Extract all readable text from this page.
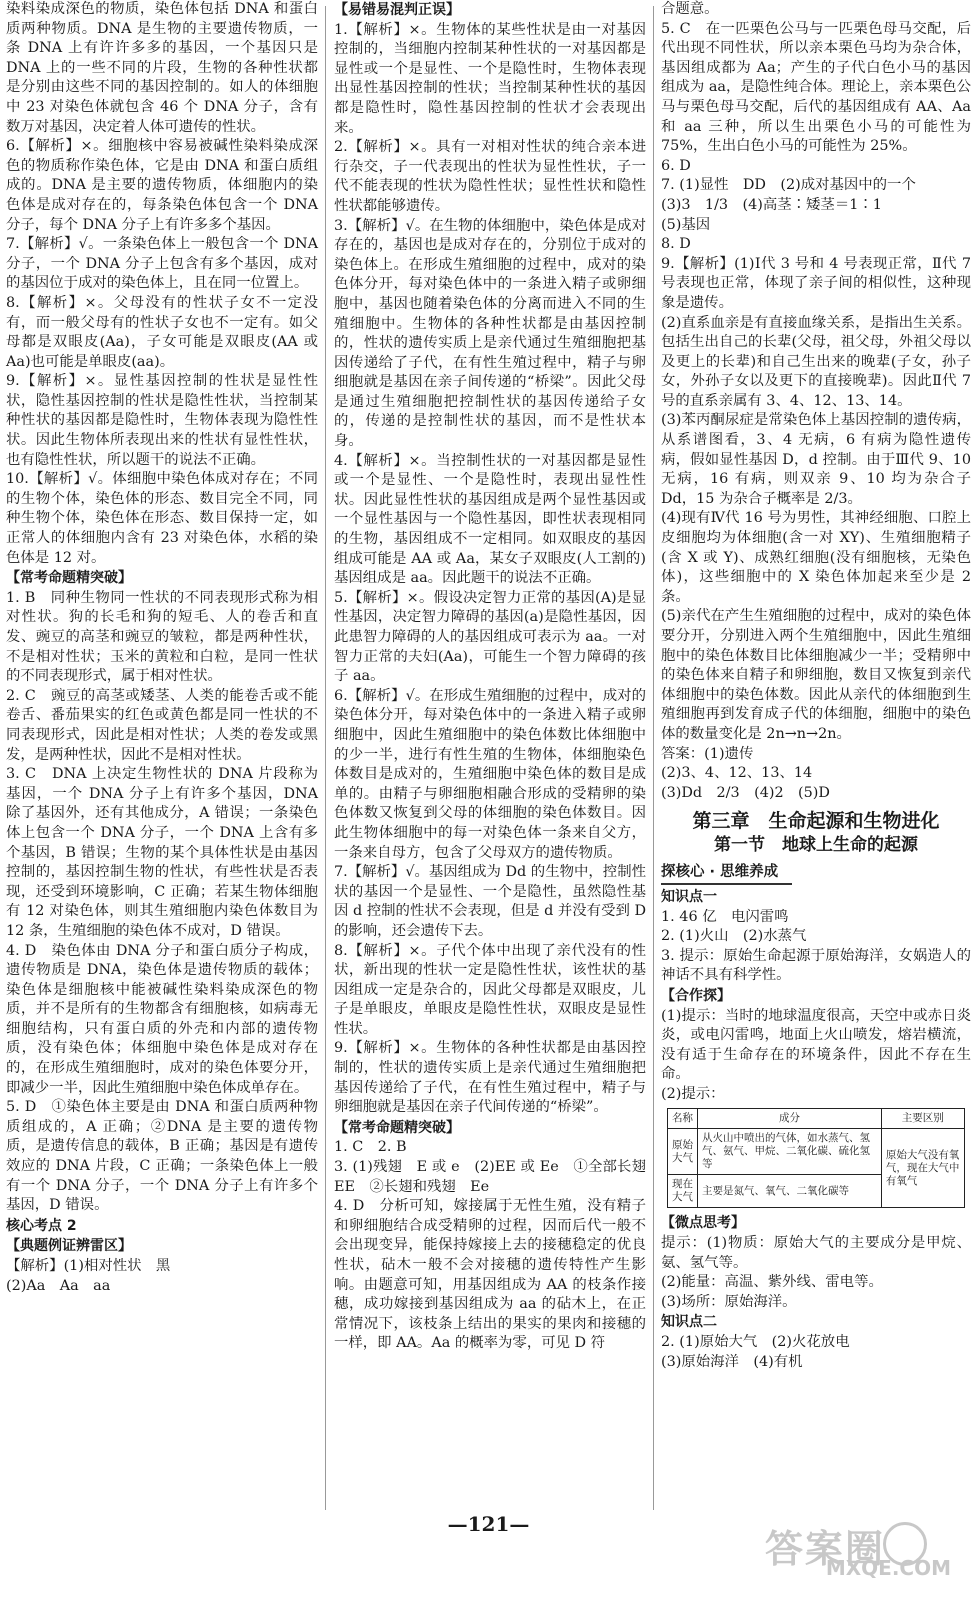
染料染成深色的物质，染色体包括 DNA 和蛋白质两种物质。DNA 是生物的主要遗传物质，一条 DNA 上有许许多多的基因，一个基因只是 DNA 上的一些不同的片段，生物的各种性状都是分别由这些不同的基因控制的。如人的体细胞中 23 对染色体就包含 46 个 DNA 分子，含有数万对基因，决定着人体可遗传的性状。

6.【解析】×。细胞核中容易被碱性染料染成深色的物质称作染色体，它是由 DNA 和蛋白质组成的。DNA 是主要的遗传物质，体细胞内的染色体是成对存在的，每条染色体包含一个 DNA 分子，每个 DNA 分子上有许多多个基因。

7.【解析】√。一条染色体上一般包含一个 DNA 分子，一个 DNA 分子上包含有多个基因，成对的基因位于成对的染色体上，且在同一位置上。

8.【解析】×。父母没有的性状子女不一定没有，而一般父母有的性状子女也不一定有。如父母都是双眼皮(Aa)，子女可能是双眼皮(AA 或 Aa)也可能是单眼皮(aa)。

9.【解析】×。显性基因控制的性状是显性性状，隐性基因控制的性状是隐性性状，当控制某种性状的基因都是隐性时，生物体表现为隐性性状。因此生物体所表现出来的性状有显性性状，也有隐性性状，所以题干的说法不正确。

10.【解析】√。体细胞中染色体成对存在；不同的生物个体，染色体的形态、数目完全不同，同种生物个体，染色体在形态、数目保持一定，如正常人的体细胞内含有 23 对染色体，水稻的染色体是 12 对。

【常考命题精突破】

1. B　同种生物同一性状的不同表现形式称为相对性状。狗的长毛和狗的短毛、人的卷舌和直发、豌豆的高茎和豌豆的皱粒，都是两种性状，不是相对性状；玉米的黄粒和白粒，是同一性状的不同表现形式，属于相对性状。

2. C　豌豆的高茎或矮茎、人类的能卷舌或不能卷舌、番茄果实的红色或黄色都是同一性状的不同表现形式，因此是相对性状；人类的卷发或黑发，是两种性状，因此不是相对性状。

3. C　DNA 上决定生物性状的 DNA 片段称为基因，一个 DNA 分子上有许多个基因，DNA 除了基因外，还有其他成分，A 错误；一条染色体上包含一个 DNA 分子，一个 DNA 上含有多个基因，B 错误；生物的某个具体性状是由基因控制的，基因控制生物的性状，有些性状是否表现，还受到环境影响，C 正确；若某生物体细胞有 12 对染色体，则其生殖细胞内染色体数目为 12 条，生殖细胞的染色体不成对，D 错误。

4. D　染色体由 DNA 分子和蛋白质分子构成，遗传物质是 DNA，染色体是遗传物质的载体；染色体是细胞核中能被碱性染料染成深色的物质，并不是所有的生物都含有细胞核，如病毒无细胞结构，只有蛋白质的外壳和内部的遗传物质，没有染色体；体细胞中染色体是成对存在的，在形成生殖细胞时，成对的染色体要分开，即减少一半，因此生殖细胞中染色体成单存在。

5. D　①染色体主要是由 DNA 和蛋白质两种物质组成的，A 正确；②DNA 是主要的遗传物质，是遗传信息的载体，B 正确；基因是有遗传效应的 DNA 片段，C 正确；一条染色体上一般有一个 DNA 分子，一个 DNA 分子上有许多个基因，D 错误。

核心考点 2

【典题例证辨雷区】

【解析】(1)相对性状　黑

(2)Aa　Aa　aa

【易错易混判正误】

1.【解析】×。生物体的某些性状是由一对基因控制的，当细胞内控制某种性状的一对基因都是显性或一个是显性、一个是隐性时，生物体表现出显性基因控制的性状；当控制某种性状的基因都是隐性时，隐性基因控制的性状才会表现出来。

2.【解析】×。具有一对相对性状的纯合亲本进行杂交，子一代表现出的性状为显性性状，子一代不能表现的性状为隐性性状；显性性状和隐性性状都能够遗传。

3.【解析】√。在生物的体细胞中，染色体是成对存在的，基因也是成对存在的，分别位于成对的染色体上。在形成生殖细胞的过程中，成对的染色体分开，每对染色体中的一条进入精子或卵细胞中，基因也随着染色体的分离而进入不同的生殖细胞中。生物体的各种性状都是由基因控制的，性状的遗传实质上是亲代通过生殖细胞把基因传递给了子代，在有性生殖过程中，精子与卵细胞就是基因在亲子间传递的“桥梁”。因此父母是通过生殖细胞把控制性状的基因传递给子女的，传递的是控制性状的基因，而不是性状本身。

4.【解析】×。当控制性状的一对基因都是显性或一个是显性、一个是隐性时，表现出显性性状。因此显性性状的基因组成是两个显性基因或一个显性基因与一个隐性基因，即性状表现相同的生物，基因组成不一定相同。如双眼皮的基因组成可能是 AA 或 Aa，某女子双眼皮(人工割的)基因组成是 aa。因此题干的说法不正确。

5.【解析】×。假设决定智力正常的基因(A)是显性基因，决定智力障碍的基因(a)是隐性基因，因此患智力障碍的人的基因组成可表示为 aa。一对智力正常的夫妇(Aa)，可能生一个智力障碍的孩子 aa。

6.【解析】√。在形成生殖细胞的过程中，成对的染色体分开，每对染色体中的一条进入精子或卵细胞中，因此生殖细胞中的染色体数比体细胞中的少一半，进行有性生殖的生物体，体细胞染色体数目是成对的，生殖细胞中染色体的数目是成单的。由精子与卵细胞相融合形成的受精卵的染色体数又恢复到父母的体细胞的染色体数目。因此生物体细胞中的每一对染色体一条来自父方，一条来自母方，包含了父母双方的遗传物质。

7.【解析】√。基因组成为 Dd 的生物中，控制性状的基因一个是显性、一个是隐性，虽然隐性基因 d 控制的性状不会表现，但是 d 并没有受到 D 的影响，还会遗传下去。

8.【解析】×。子代个体中出现了亲代没有的性状，新出现的性状一定是隐性性状，该性状的基因组成一定是杂合的，因此父母都是双眼皮，儿子是单眼皮，单眼皮是隐性性状，双眼皮是显性性状。

9.【解析】×。生物体的各种性状都是由基因控制的，性状的遗传实质上是亲代通过生殖细胞把基因传递给了子代，在有性生殖过程中，精子与卵细胞就是基因在亲子代间传递的“桥梁”。

【常考命题精突破】

1. C　2. B

3. (1)残翅　E 或 e　(2)EE 或 Ee　①全部长翅　EE　②长翅和残翅　Ee

4. D　分析可知，嫁接属于无性生殖，没有精子和卵细胞结合成受精卵的过程，因而后代一般不会出现变异，能保持嫁接上去的接穗稳定的优良性状，砧木一般不会对接穗的遗传特性产生影响。由题意可知，用基因组成为 AA 的枝条作接穗，成功嫁接到基因组成为 aa 的砧木上，在正常情况下，该枝条上结出的果实的果肉和接穗的一样，即 AA。Aa 的概率为零，可见 D 符

合题意。

5. C　在一匹栗色公马与一匹栗色母马交配，后代出现不同性状，所以亲本栗色马均为杂合体，基因组成都为 Aa；产生的子代白色小马的基因组成为 aa，是隐性纯合体。理论上，亲本栗色公马与栗色母马交配，后代的基因组成有 AA、Aa 和 aa 三种，所以生出栗色小马的可能性为 75%，生出白色小马的可能性为 25%。

6. D

7. (1)显性　DD　(2)成对基因中的一个

(3)3　1/3　(4)高茎∶矮茎＝1∶1

(5)基因

8. D

9.【解析】(1)Ⅰ代 3 号和 4 号表现正常，Ⅱ代 7 号表现也正常，体现了亲子间的相似性，这种现象是遗传。

(2)直系血亲是有直接血缘关系，是指出生关系。包括生出自己的长辈(父母，祖父母，外祖父母以及更上的长辈)和自己生出来的晚辈(子女，孙子女，外孙子女以及更下的直接晚辈)。因此Ⅱ代 7 号的直系亲属有 3、4、12、13、14。

(3)苯丙酮尿症是常染色体上基因控制的遗传病，从系谱图看，3、4 无病，6 有病为隐性遗传病，假如显性基因 D，d 控制。由于Ⅲ代 9、10 无病，16 有病，则双亲 9、10 均为杂合子 Dd，15 为杂合子概率是 2/3。

(4)现有Ⅳ代 16 号为男性，其神经细胞、口腔上皮细胞均为体细胞(含一对 XY)、生殖细胞精子(含 X 或 Y)、成熟红细胞(没有细胞核，无染色体)，这些细胞中的 X 染色体加起来至少是 2 条。

(5)亲代在产生生殖细胞的过程中，成对的染色体要分开，分别进入两个生殖细胞中，因此生殖细胞中的染色体数目比体细胞减少一半；受精卵中的染色体来自精子和卵细胞，数目又恢复到亲代体细胞中的染色体数。因此从亲代的体细胞到生殖细胞再到发育成子代的体细胞，细胞中的染色体的数量变化是 2n→n→2n。

答案：(1)遗传

(2)3、4、12、13、14

(3)Dd　2/3　(4)2　(5)D

第三章　生命起源和生物进化

第一节　地球上生命的起源

探核心 · 思维养成

知识点一

1. 46 亿　电闪雷鸣

2. (1)火山　(2)水蒸气

3. 提示：原始生命起源于原始海洋，女娲造人的神话不具有科学性。

【合作探】

(1)提示：当时的地球温度很高，天空中或赤日炎炎，或电闪雷鸣，地面上火山喷发，熔岩横流，没有适于生命存在的环境条件，因此不存在生命。

(2)提示：

名称	成分	主要区别
原始大气	从火山中喷出的气体，如水蒸气、氢气、氨气、甲烷、二氧化碳、硫化氢等	原始大气没有氧气，现在大气中有氧气
现在大气	主要是氮气、氧气、二氧化碳等	

【微点思考】

提示：(1)物质：原始大气的主要成分是甲烷、氨、氢气等。

(2)能量：高温、紫外线、雷电等。

(3)场所：原始海洋。

知识点二

2. (1)原始大气　(2)火花放电

(3)原始海洋　(4)有机

—121—
答案圈
MXQE.COM
